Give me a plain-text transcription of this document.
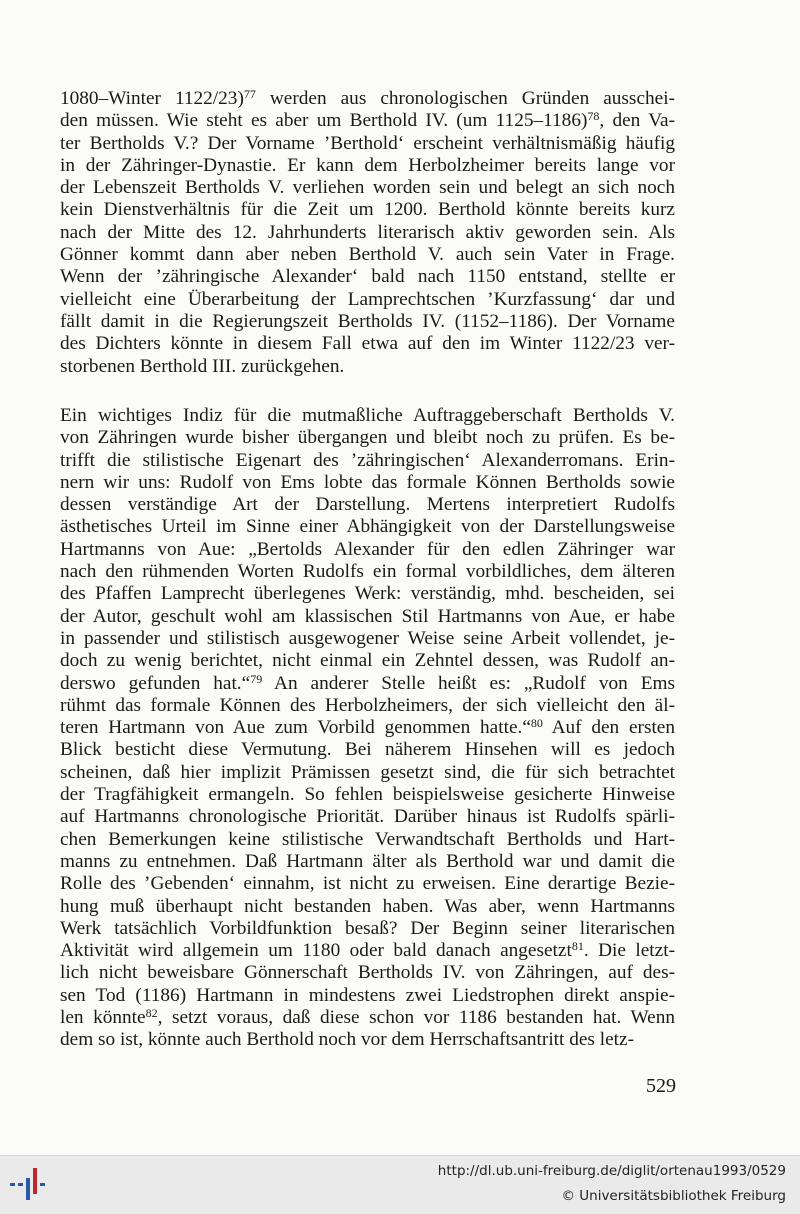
1080–Winter 1122/23)$^{77}$ werden aus chronologischen Gründen ausschei-
den müssen. Wie steht es aber um Berthold IV. (um 1125–1186)$^{78}$, den Va-
ter Bertholds V.? Der Vorname ’Berthold‘ erscheint verhältnismäßig häufig
in der Zähringer-Dynastie. Er kann dem Herbolzheimer bereits lange vor
der Lebenszeit Bertholds V. verliehen worden sein und belegt an sich noch
kein Dienstverhältnis für die Zeit um 1200. Berthold könnte bereits kurz
nach der Mitte des 12. Jahrhunderts literarisch aktiv geworden sein. Als
Gönner kommt dann aber neben Berthold V. auch sein Vater in Frage.
Wenn der ’zähringische Alexander‘ bald nach 1150 entstand, stellte er
vielleicht eine Überarbeitung der Lamprechtschen ’Kurzfassung‘ dar und
fällt damit in die Regierungszeit Bertholds IV. (1152–1186). Der Vorname
des Dichters könnte in diesem Fall etwa auf den im Winter 1122/23 ver-
storbenen Berthold III. zurückgehen.
Ein wichtiges Indiz für die mutmaßliche Auftraggeberschaft Bertholds V.
von Zähringen wurde bisher übergangen und bleibt noch zu prüfen. Es be-
trifft die stilistische Eigenart des ’zähringischen‘ Alexanderromans. Erin-
nern wir uns: Rudolf von Ems lobte das formale Können Bertholds sowie
dessen verständige Art der Darstellung. Mertens interpretiert Rudolfs
ästhetisches Urteil im Sinne einer Abhängigkeit von der Darstellungsweise
Hartmanns von Aue: „Bertolds Alexander für den edlen Zähringer war
nach den rühmenden Worten Rudolfs ein formal vorbildliches, dem älteren
des Pfaffen Lamprecht überlegenes Werk: verständig, mhd. bescheiden, sei
der Autor, geschult wohl am klassischen Stil Hartmanns von Aue, er habe
in passender und stilistisch ausgewogener Weise seine Arbeit vollendet, je-
doch zu wenig berichtet, nicht einmal ein Zehntel dessen, was Rudolf an-
derswo gefunden hat.“$^{79}$ An anderer Stelle heißt es: „Rudolf von Ems
rühmt das formale Können des Herbolzheimers, der sich vielleicht den äl-
teren Hartmann von Aue zum Vorbild genommen hatte.“$^{80}$ Auf den ersten
Blick besticht diese Vermutung. Bei näherem Hinsehen will es jedoch
scheinen, daß hier implizit Prämissen gesetzt sind, die für sich betrachtet
der Tragfähigkeit ermangeln. So fehlen beispielsweise gesicherte Hinweise
auf Hartmanns chronologische Priorität. Darüber hinaus ist Rudolfs spärli-
chen Bemerkungen keine stilistische Verwandtschaft Bertholds und Hart-
manns zu entnehmen. Daß Hartmann älter als Berthold war und damit die
Rolle des ’Gebenden‘ einnahm, ist nicht zu erweisen. Eine derartige Bezie-
hung muß überhaupt nicht bestanden haben. Was aber, wenn Hartmanns
Werk tatsächlich Vorbildfunktion besaß? Der Beginn seiner literarischen
Aktivität wird allgemein um 1180 oder bald danach angesetzt$^{81}$. Die letzt-
lich nicht beweisbare Gönnerschaft Bertholds IV. von Zähringen, auf des-
sen Tod (1186) Hartmann in mindestens zwei Liedstrophen direkt anspie-
len könnte$^{82}$, setzt voraus, daß diese schon vor 1186 bestanden hat. Wenn
dem so ist, könnte auch Berthold noch vor dem Herrschaftsantritt des letz-
529
http://dl.ub.uni-freiburg.de/diglit/ortenau1993/0529
© Universitätsbibliothek Freiburg
